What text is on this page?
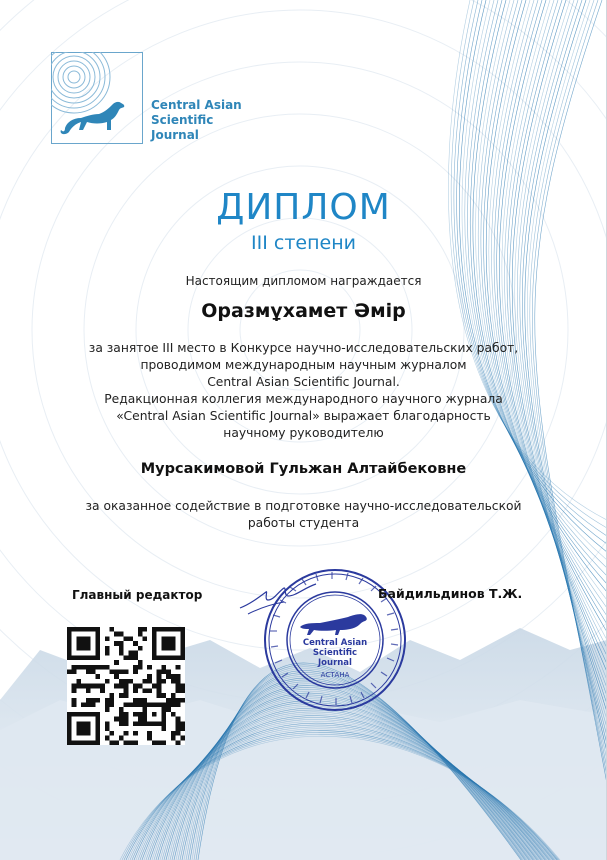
Central Asian
Scientific
Journal
ДИПЛОМ
III степени
Настоящим дипломом награждается
Оразмұхамет Әмір
за занятое III место в Конкурсе научно-исследовательских работ,
проводимом международным научным журналом
Central Asian Scientific Journal.
Редакционная коллегия международного научного журнала
«Central Asian Scientific Journal» выражает благодарность
научному руководителю
Мурсакимовой Гульжан Алтайбековне
за оказанное содействие в подготовке научно-исследовательской
работы студента
Главный редактор
Central Asian
Scientific
Journal
АСТАНА
Байдильдинов Т.Ж.
